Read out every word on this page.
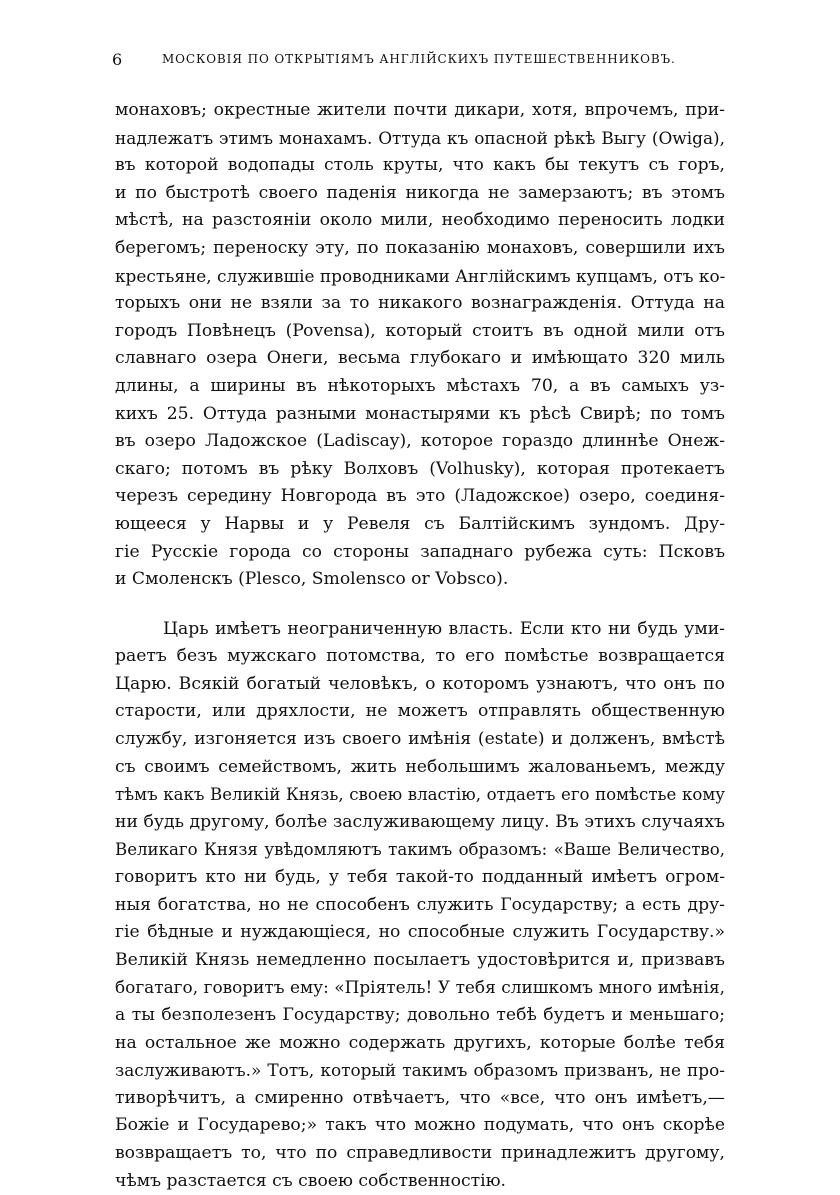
6	МОСКОВІЯ ПО ОТКРЫТІЯМЪ АНГЛІЙСКИХЪ ПУТЕШЕСТВЕННИКОВЪ.
монаховъ; окрестные жители почти дикари, хотя, впрочемъ, при-
надлежатъ этимъ монахамъ. Оттуда къ опасной рѣкѣ Выгу (Owiga),
въ которой водопады столь круты, что какъ бы текутъ съ горъ,
и по быстротѣ своего паденія никогда не замерзаютъ; въ этомъ
мѣстѣ, на разстояніи около мили, необходимо переносить лодки
берегомъ; переноску эту, по показанію монаховъ, совершили ихъ
крестьяне, служившіе проводниками Англійскимъ купцамъ, отъ ко-
торыхъ они не взяли за то никакого вознагражденія. Оттуда на
городъ Повѣнецъ (Povensa), который стоитъ въ одной мили отъ
славнаго озера Онеги, весьма глубокаго и имѣющато 320 миль
длины, а ширины въ нѣкоторыхъ мѣстахъ 70, а въ самыхъ уз-
кихъ 25. Оттуда разными монастырями къ рѣсѣ Свирѣ; по томъ
въ озеро Ладожское (Ladiscay), которое гораздо длиннѣе Онеж-
скаго; потомъ въ рѣку Волховъ (Volhusky), которая протекаетъ
черезъ середину Новгорода въ это (Ладожское) озеро, соединя-
ющееся у Нарвы и у Ревеля съ Балтійскимъ зундомъ. Дру-
гіе Русскіе города со стороны западнаго рубежа суть: Псковъ
и Смоленскъ (Plesco, Smolensco or Vobsco).
Царь имѣетъ неограниченную власть. Если кто ни будь уми-
раетъ безъ мужскаго потомства, то его помѣстье возвращается
Царю. Всякій богатый человѣкъ, о которомъ узнаютъ, что онъ по
старости, или дряхлости, не можетъ отправлять общественную
службу, изгоняется изъ своего имѣнія (estate) и долженъ, вмѣстѣ
съ своимъ семействомъ, жить небольшимъ жалованьемъ, между
тѣмъ какъ Великій Князь, своею властію, отдаетъ его помѣстье кому
ни будь другому, болѣе заслуживающему лицу. Въ этихъ случаяхъ
Великаго Князя увѣдомляютъ такимъ образомъ: «Ваше Величество,
говоритъ кто ни будь, у тебя такой-то подданный имѣетъ огром-
ныя богатства, но не способенъ служить Государству; а есть дру-
гіе бѣдные и нуждающіеся, но способные служить Государству.»
Великій Князь немедленно посылаетъ удостовѣрится и, призвавъ
богатаго, говоритъ ему: «Пріятель! У тебя слишкомъ много имѣнія,
а ты безполезенъ Государству; довольно тебѣ будетъ и меньшаго;
на остальное же можно содержать другихъ, которые болѣе тебя
заслуживаютъ.» Тотъ, который такимъ образомъ призванъ, не про-
тиворѣчитъ, а смиренно отвѣчаетъ, что «все, что онъ имѣетъ,—
Божіе и Государево;» такъ что можно подумать, что онъ скорѣе
возвращаетъ то, что по справедливости принадлежитъ другому,
чѣмъ разстается съ своею собственностію.
